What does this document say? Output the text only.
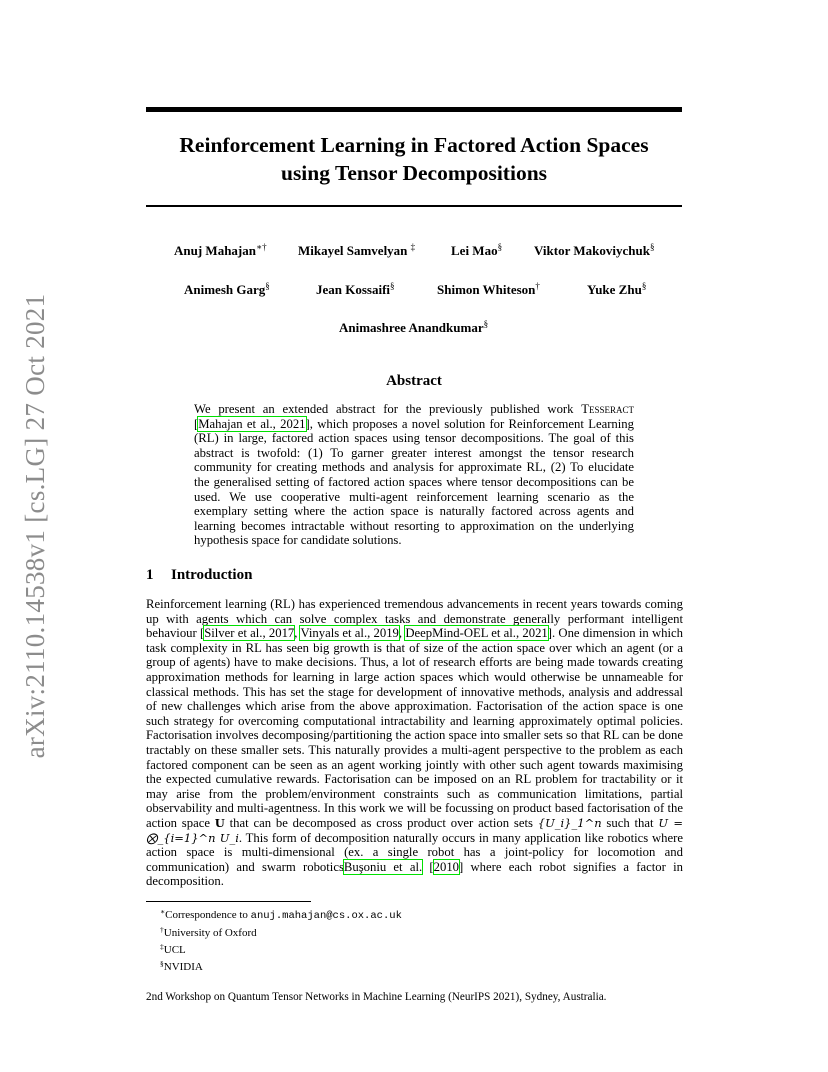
arXiv:2110.14538v1 [cs.LG] 27 Oct 2021
Reinforcement Learning in Factored Action Spaces
using Tensor Decompositions
Anuj Mahajan∗† Mikayel Samvelyan ‡	Lei Mao§ Viktor Makoviychuk§
Animesh Garg§	Jean Kossaifi§	Shimon Whiteson†	Yuke Zhu§
Animashree Anandkumar§
Abstract
We present an extended abstract for the previously published work Tesseract [Mahajan et al., 2021], which proposes a novel solution for Reinforcement Learning (RL) in large, factored action spaces using tensor decompositions. The goal of this abstract is twofold: (1) To garner greater interest amongst the tensor research community for creating methods and analysis for approximate RL, (2) To elucidate the generalised setting of factored action spaces where tensor decompositions can be used. We use cooperative multi-agent reinforcement learning scenario as the exemplary setting where the action space is naturally factored across agents and learning becomes intractable without resorting to approximation on the underlying hypothesis space for candidate solutions.
1 Introduction
Reinforcement learning (RL) has experienced tremendous advancements in recent years towards coming up with agents which can solve complex tasks and demonstrate generally performant intelligent behaviour [Silver et al., 2017, Vinyals et al., 2019, DeepMind-OEL et al., 2021]. One dimension in which task complexity in RL has seen big growth is that of size of the action space over which an agent (or a group of agents) have to make decisions. Thus, a lot of research efforts are being made towards creating approximation methods for learning in large action spaces which would otherwise be unnameable for classical methods. This has set the stage for development of innovative methods, analysis and addressal of new challenges which arise from the above approximation. Factorisation of the action space is one such strategy for overcoming computational intractability and learning approximately optimal policies. Factorisation involves decomposing/partitioning the action space into smaller sets so that RL can be done tractably on these smaller sets. This naturally provides a multi-agent perspective to the problem as each factored component can be seen as an agent working jointly with other such agent towards maximising the expected cumulative rewards. Factorisation can be imposed on an RL problem for tractability or it may arise from the problem/environment constraints such as communication limitations, partial observability and multi-agentness. In this work we will be focussing on product based factorisation of the action space U that can be decomposed as cross product over action sets {U_i}_1^n such that U = ⨂_{i=1}^n U_i. This form of decomposition naturally occurs in many application like robotics where action space is multi-dimensional (ex. a single robot has a joint-policy for locomotion and communication) and swarm roboticsBuşoniu et al. [2010] where each robot signifies a factor in decomposition.
∗Correspondence to anuj.mahajan@cs.ox.ac.uk
†University of Oxford
‡UCL
§NVIDIA
2nd Workshop on Quantum Tensor Networks in Machine Learning (NeurIPS 2021), Sydney, Australia.
